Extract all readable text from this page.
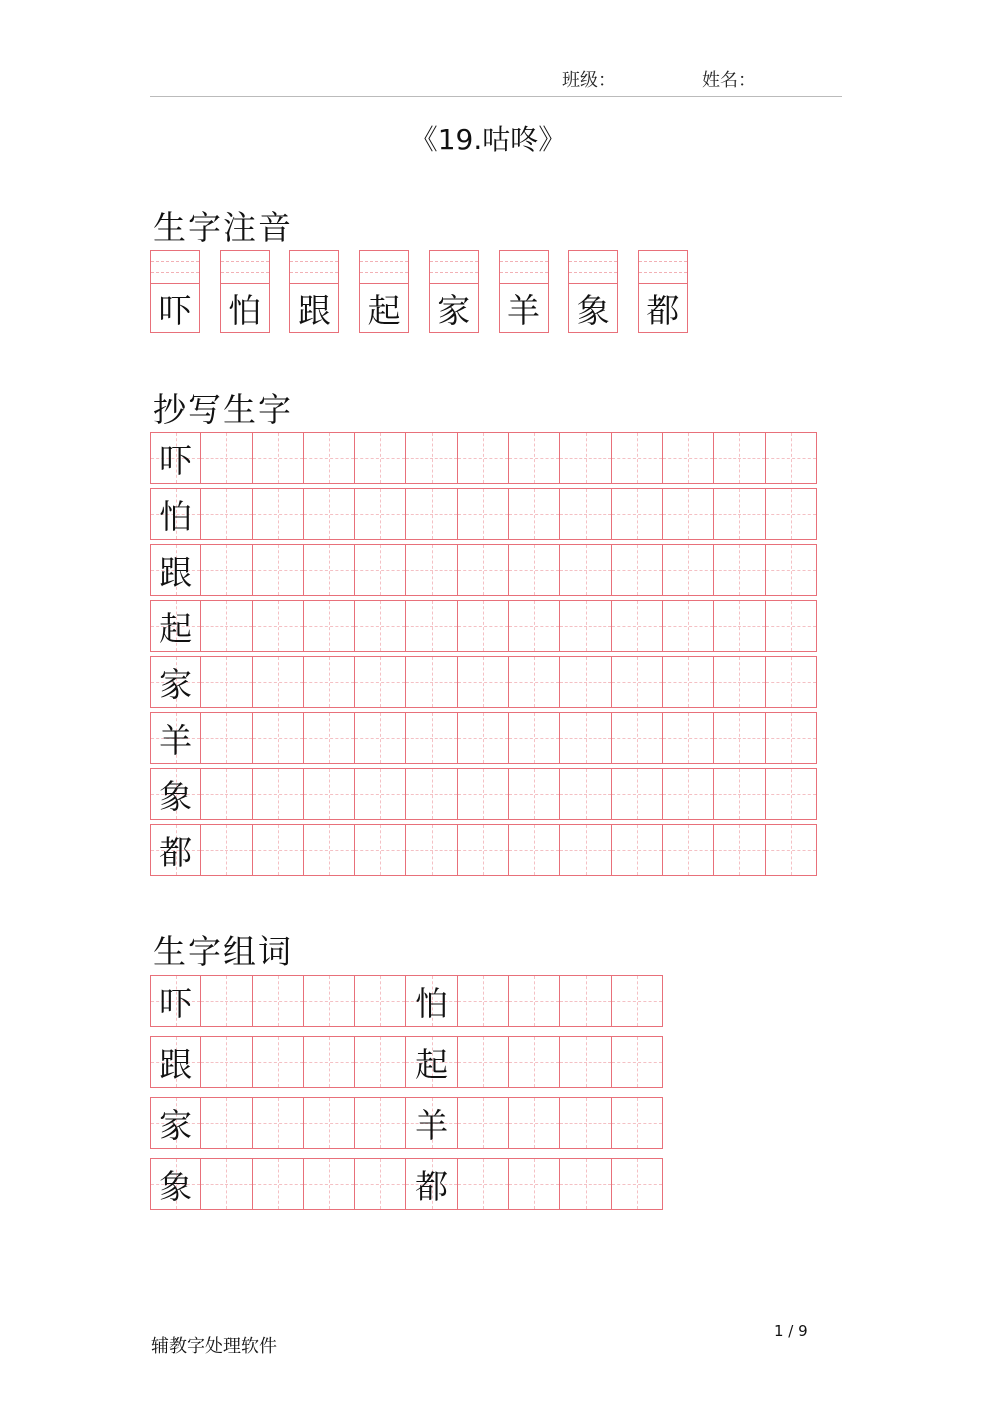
班级：	姓名：
《19.咕咚》
生字注音
吓 怕 跟 起 家 羊 象 都
抄写生字
吓
怕
跟
起
家
羊
象
都
生字组词
吓	怕
跟	起
家	羊
象	都
辅教字处理软件
1 / 9
